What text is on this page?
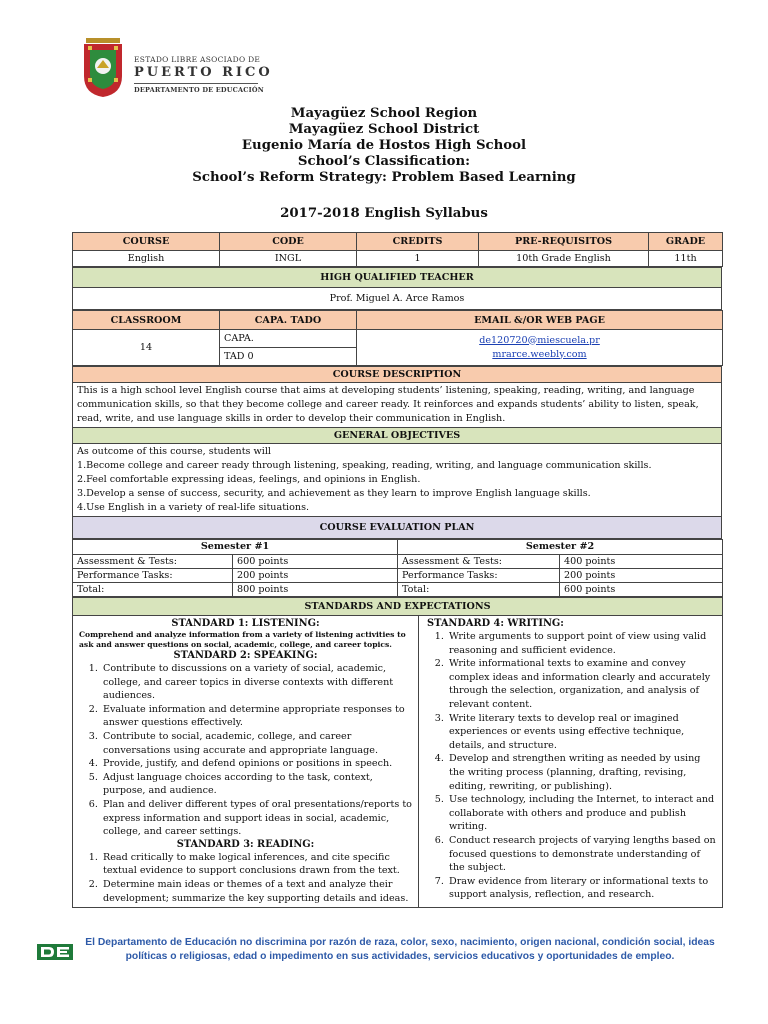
ESTADO LIBRE ASOCIADO DE
PUERTO RICO
DEPARTAMENTO DE EDUCACIÓN
Mayagüez School Region
Mayagüez School District
Eugenio María de Hostos High School
School’s Classification:
School’s Reform Strategy: Problem Based Learning
2017-2018 English Syllabus
COURSE	CODE	CREDITS	PRE-REQUISITOS	GRADE
English	INGL	1	10th Grade English	11th
HIGH QUALIFIED TEACHER
Prof. Miguel A. Arce Ramos
CLASSROOM	CAPA. TADO	EMAIL &/OR WEB PAGE
14	CAPA.	de120720@miescuela.pr
mrarce.weebly.com
	TAD 0	
COURSE DESCRIPTION
This is a high school level English course that aims at developing students’ listening, speaking, reading, writing, and language communication skills, so that they become college and career ready. It reinforces and expands students’ ability to listen, speak, read, write, and use language skills in order to develop their communication in English.
GENERAL OBJECTIVES

As outcome of this course, students will
1.Become college and career ready through listening, speaking, reading, writing, and language communication skills.
2.Feel comfortable expressing ideas, feelings, and opinions in English.
3.Develop a sense of success, security, and achievement as they learn to improve English language skills.
4.Use English in a variety of real-life situations.

COURSE EVALUATION PLAN
Semester #1		Semester #2	
Assessment & Tests:	600 points	Assessment & Tests:	400 points
Performance Tasks:	200 points	Performance Tasks:	200 points
Total:	800 points	Total:	600 points
STANDARDS AND EXPECTATIONS

STANDARD 1: LISTENING:
Comprehend and analyze information from a variety of listening activities to ask and answer questions on social, academic, college, and career topics.
STANDARD 2: SPEAKING:
1. Contribute to discussions on a variety of social, academic, college, and career topics in diverse contexts with different audiences.
2. Evaluate information and determine appropriate responses to answer questions effectively.
3. Contribute to social, academic, college, and career conversations using accurate and appropriate language.
4. Provide, justify, and defend opinions or positions in speech.
5. Adjust language choices according to the task, context, purpose, and audience.
6. Plan and deliver different types of oral presentations/reports to express information and support ideas in social, academic, college, and career settings.
STANDARD 3: READING:
1. Read critically to make logical inferences, and cite specific textual evidence to support conclusions drawn from the text.
2. Determine main ideas or themes of a text and analyze their development; summarize the key supporting details and ideas.

STANDARD 4: WRITING:
1. Write arguments to support point of view using valid reasoning and sufficient evidence.
2. Write informational texts to examine and convey complex ideas and information clearly and accurately through the selection, organization, and analysis of relevant content.
3. Write literary texts to develop real or imagined experiences or events using effective technique, details, and structure.
4. Develop and strengthen writing as needed by using the writing process (planning, drafting, revising, editing, rewriting, or publishing).
5. Use technology, including the Internet, to interact and collaborate with others and produce and publish writing.
6. Conduct research projects of varying lengths based on focused questions to demonstrate understanding of the subject.
7. Draw evidence from literary or informational texts to support analysis, reflection, and research.
El Departamento de Educación no discrimina por razón de raza, color, sexo, nacimiento, origen nacional, condición social, ideas
políticas o religiosas, edad o impedimento en sus actividades, servicios educativos y oportunidades de empleo.
